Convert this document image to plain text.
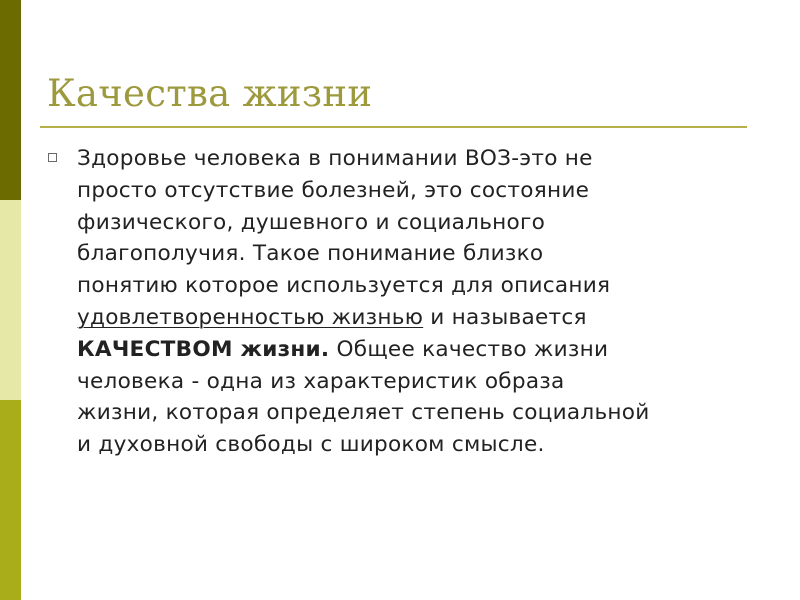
Качества жизни
Здоровье человека в понимании ВОЗ-это не
просто отсутствие болезней, это состояние
физического, душевного и социального
благополучия. Такое понимание близко
понятию которое используется для описания
удовлетворенностью жизнью и называется
КАЧЕСТВОМ жизни. Общее качество жизни
человека - одна из характеристик образа
жизни, которая определяет степень социальной
и духовной свободы с широком смысле.
